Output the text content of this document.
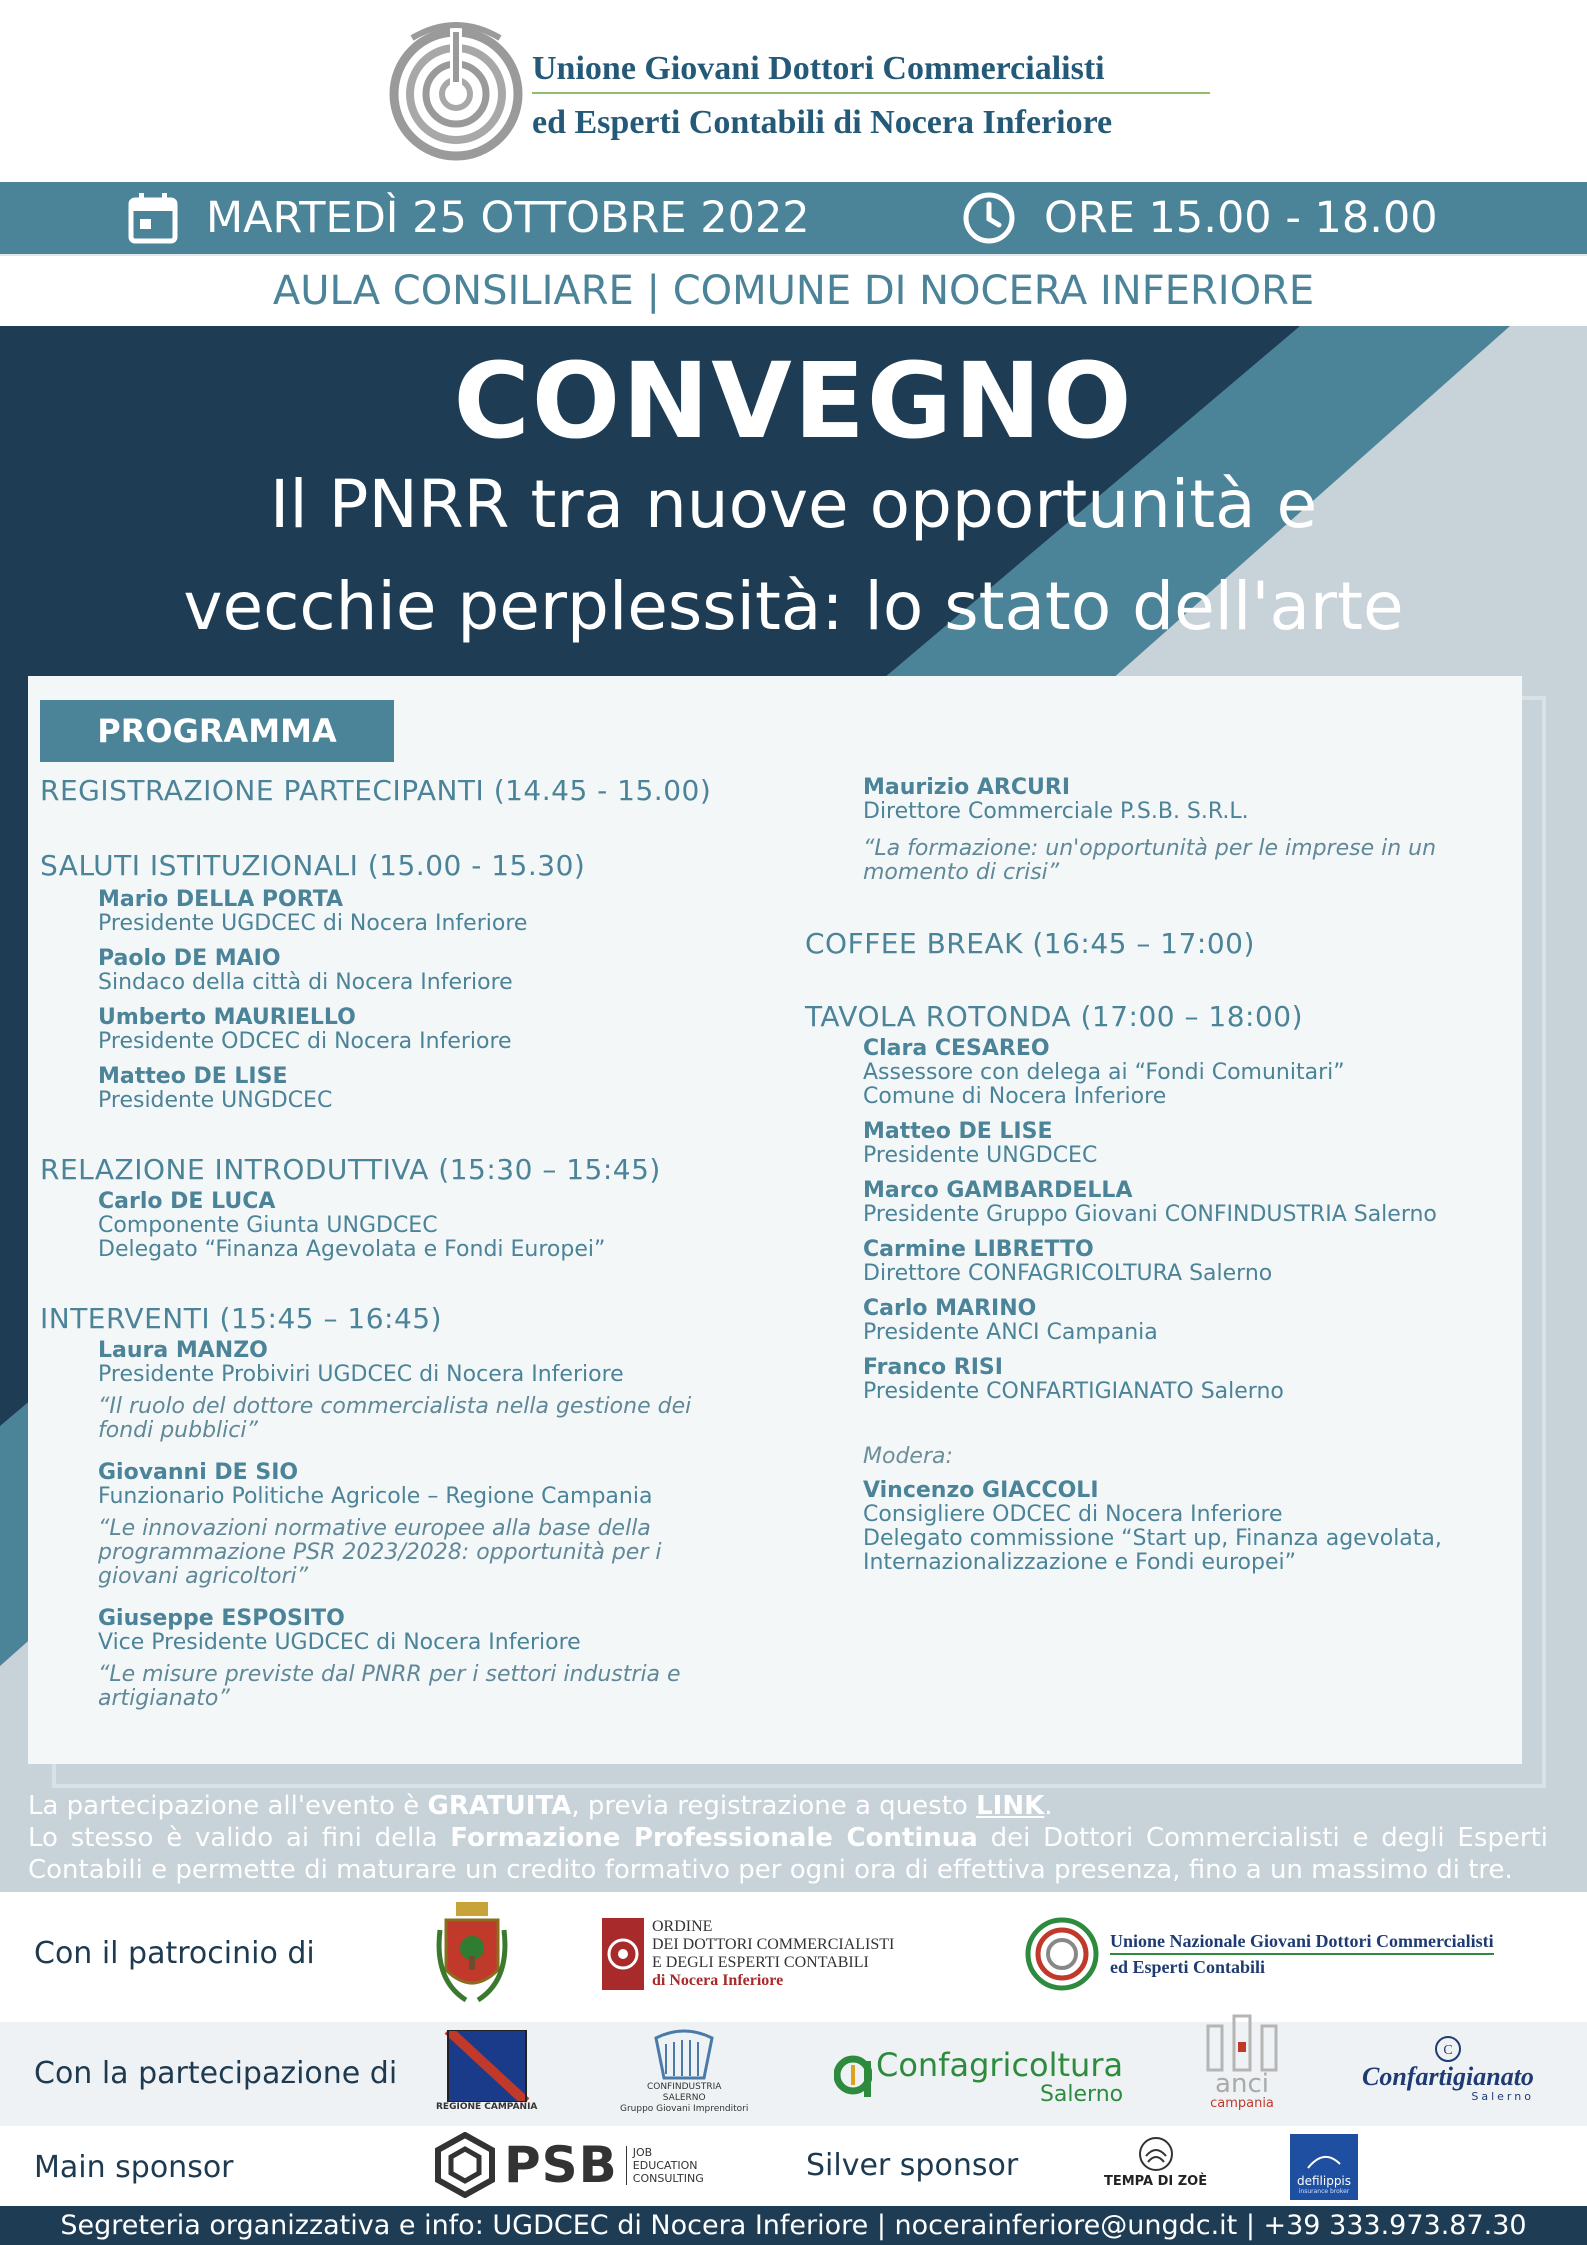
Unione Giovani Dottori Commercialisti
ed Esperti Contabili di Nocera Inferiore
MARTEDÌ 25 OTTOBRE 2022	ORE 15.00 - 18.00
AULA CONSILIARE | COMUNE DI NOCERA INFERIORE
CONVEGNO
Il PNRR tra nuove opportunità e
vecchie perplessità: lo stato dell'arte
PROGRAMMA
REGISTRAZIONE PARTECIPANTI (14.45 - 15.00)
SALUTI ISTITUZIONALI (15.00 - 15.30)
Mario DELLA PORTA
Presidente UGDCEC di Nocera Inferiore
Paolo DE MAIO
Sindaco della città di Nocera Inferiore
Umberto MAURIELLO
Presidente ODCEC di Nocera Inferiore
Matteo DE LISE
Presidente UNGDCEC
RELAZIONE INTRODUTTIVA (15:30 – 15:45)
Carlo DE LUCA
Componente Giunta UNGDCEC
Delegato “Finanza Agevolata e Fondi Europei”
INTERVENTI (15:45 – 16:45)
Laura MANZO
Presidente Probiviri UGDCEC di Nocera Inferiore
“Il ruolo del dottore commercialista nella gestione dei
fondi pubblici”
Giovanni DE SIO
Funzionario Politiche Agricole – Regione Campania
“Le innovazioni normative europee alla base della
programmazione PSR 2023/2028: opportunità per i
giovani agricoltori”
Giuseppe ESPOSITO
Vice Presidente UGDCEC di Nocera Inferiore
“Le misure previste dal PNRR per i settori industria e
artigianato”
Maurizio ARCURI
Direttore Commerciale P.S.B. S.R.L.
“La formazione: un'opportunità per le imprese in un
momento di crisi”
COFFEE BREAK (16:45 – 17:00)
TAVOLA ROTONDA (17:00 – 18:00)
Clara CESAREO
Assessore con delega ai “Fondi Comunitari”
Comune di Nocera Inferiore
Matteo DE LISE
Presidente UNGDCEC
Marco GAMBARDELLA
Presidente Gruppo Giovani CONFINDUSTRIA Salerno
Carmine LIBRETTO
Direttore CONFAGRICOLTURA Salerno
Carlo MARINO
Presidente ANCI Campania
Franco RISI
Presidente CONFARTIGIANATO Salerno
Modera:
Vincenzo GIACCOLI
Consigliere ODCEC di Nocera Inferiore
Delegato commissione “Start up, Finanza agevolata,
Internazionalizzazione e Fondi europei”
La partecipazione all'evento è GRATUITA, previa registrazione a questo LINK.
Lo stesso è valido ai fini della Formazione Professionale Continua dei Dottori Commercialisti e degli Esperti Contabili e permette di maturare un credito formativo per ogni ora di effettiva presenza, fino a un massimo di tre.
Con il patrocinio di
ORDINE
DEI DOTTORI COMMERCIALISTI
E DEGLI ESPERTI CONTABILI
di Nocera Inferiore
Unione Nazionale Giovani Dottori Commercialisti
ed Esperti Contabili
Con la partecipazione di
REGIONE CAMPANIA
CONFINDUSTRIA
SALERNO
Gruppo Giovani Imprenditori
Confagricoltura
Salerno	anci
campania
C
Confartigianato
Salerno
Main sponsor	PSB JOB
EDUCATION
CONSULTING	Silver sponsor	TEMPA DI ZOÈ	defilippis
insurance broker
Segreteria organizzativa e info: UGDCEC di Nocera Inferiore | nocerainferiore@ungdc.it | +39 333.973.87.30
